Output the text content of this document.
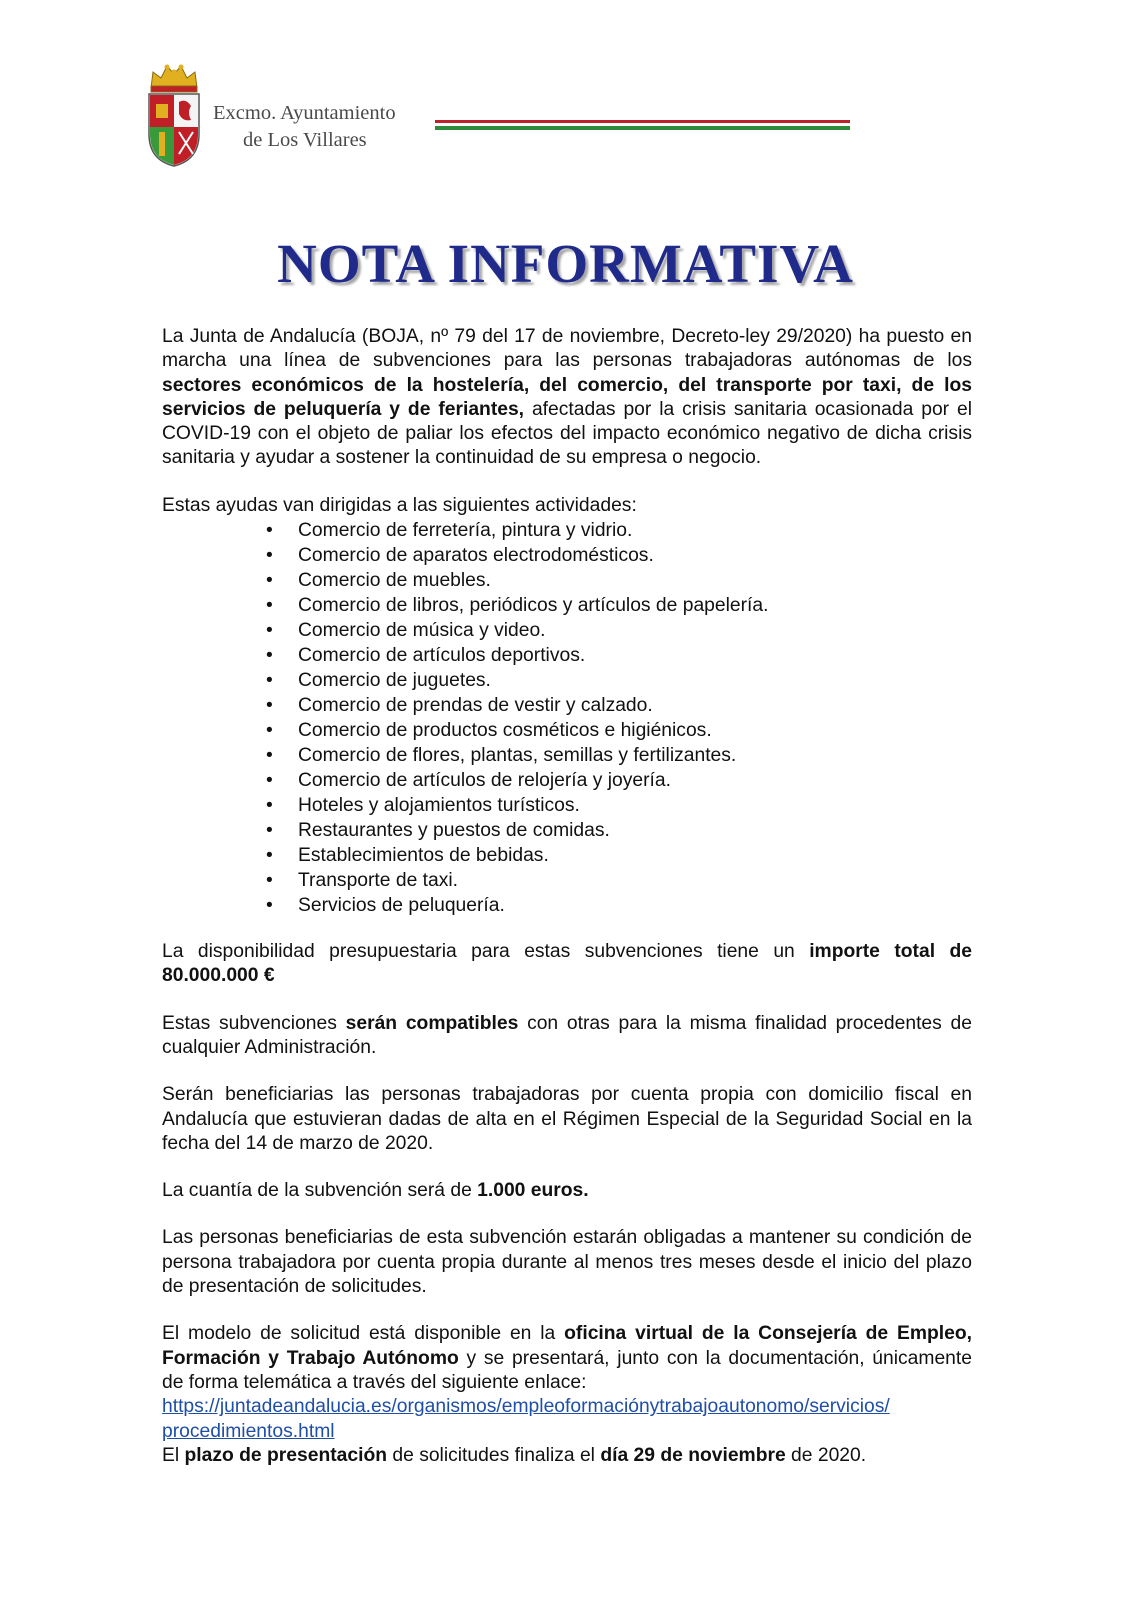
Excmo. Ayuntamiento
de Los Villares
NOTA INFORMATIVA

La Junta de Andalucía (BOJA, nº 79 del 17 de noviembre, Decreto-ley 29/2020) ha puesto en marcha una línea de subvenciones para las personas trabajadoras autónomas de los sectores económicos de la hostelería, del comercio, del transporte por taxi, de los servicios de peluquería y de feriantes, afectadas por la crisis sanitaria ocasionada por el COVID-19 con el objeto de paliar los efectos del impacto económico negativo de dicha crisis sanitaria y ayudar a sostener la continuidad de su empresa o negocio.

Estas ayudas van dirigidas a las siguientes actividades:

• Comercio de ferretería, pintura y vidrio.
• Comercio de aparatos electrodomésticos.
• Comercio de muebles.
• Comercio de libros, periódicos y artículos de papelería.
• Comercio de música y video.
• Comercio de artículos deportivos.
• Comercio de juguetes.
• Comercio de prendas de vestir y calzado.
• Comercio de productos cosméticos e higiénicos.
• Comercio de flores, plantas, semillas y fertilizantes.
• Comercio de artículos de relojería y joyería.
• Hoteles y alojamientos turísticos.
• Restaurantes y puestos de comidas.
• Establecimientos de bebidas.
• Transporte de taxi.
• Servicios de peluquería.

La disponibilidad presupuestaria para estas subvenciones tiene un importe total de 80.000.000 €

Estas subvenciones serán compatibles con otras para la misma finalidad procedentes de cualquier Administración.

Serán beneficiarias las personas trabajadoras por cuenta propia con domicilio fiscal en Andalucía que estuvieran dadas de alta en el Régimen Especial de la Seguridad Social en la fecha del 14 de marzo de 2020.

La cuantía de la subvención será de 1.000 euros.

Las personas beneficiarias de esta subvención estarán obligadas a mantener su condición de persona trabajadora por cuenta propia durante al menos tres meses desde el inicio del plazo de presentación de solicitudes.

El modelo de solicitud está disponible en la oficina virtual de la Consejería de Empleo, Formación y Trabajo Autónomo y se presentará, junto con la documentación, únicamente de forma telemática a través del siguiente enlace:

https://juntadeandalucia.es/organismos/empleoformaciónytrabajoautonomo/servicios/
procedimientos.html

El plazo de presentación de solicitudes finaliza el día 29 de noviembre de 2020.
